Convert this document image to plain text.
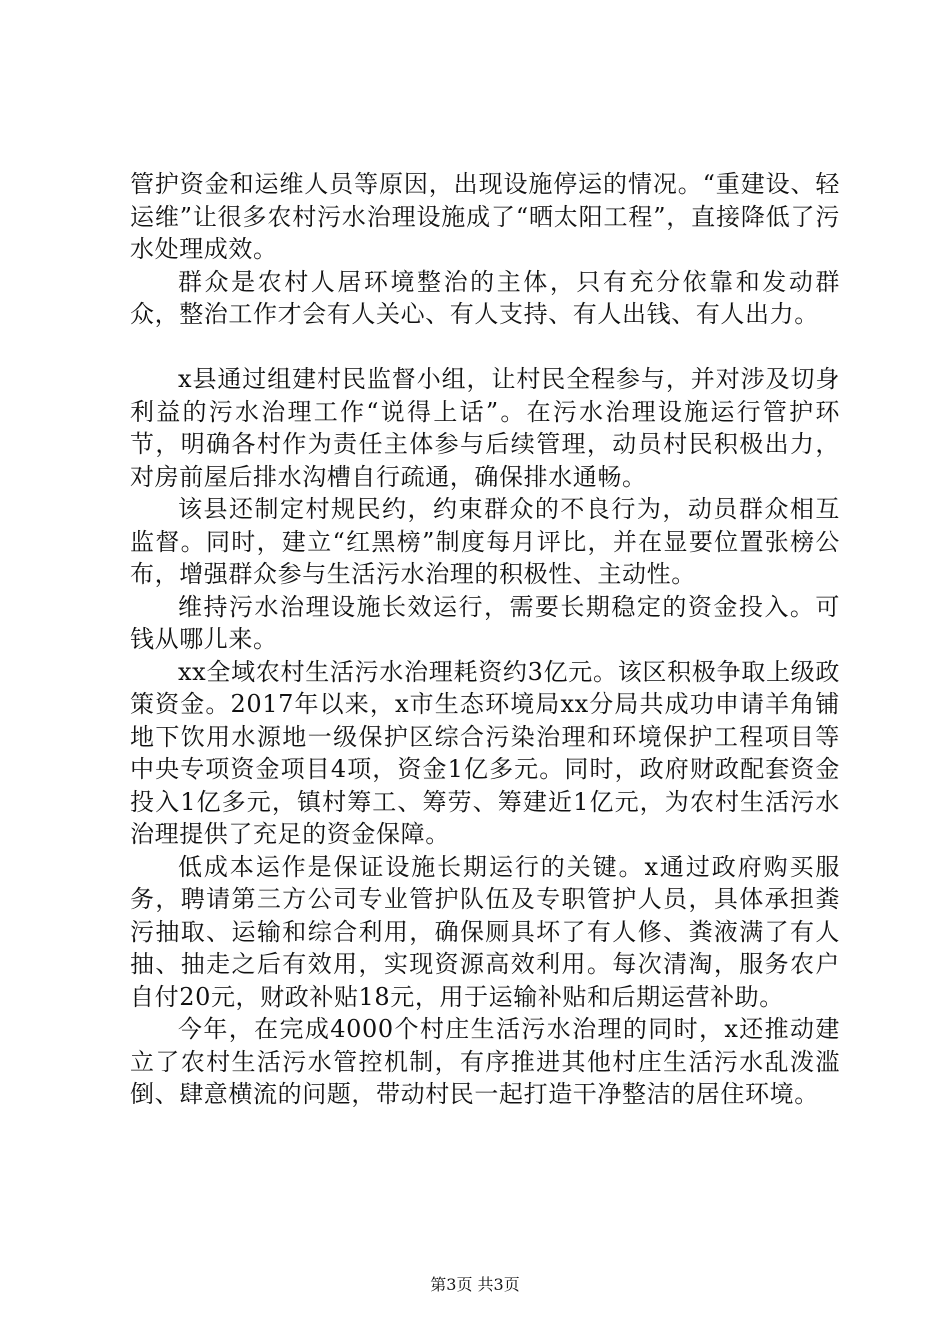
管护资金和运维人员等原因，出现设施停运的情况。“重建设、轻运维”让很多农村污水治理设施成了“晒太阳工程”，直接降低了污水处理成效。

群众是农村人居环境整治的主体，只有充分依靠和发动群众，整治工作才会有人关心、有人支持、有人出钱、有人出力。

x县通过组建村民监督小组，让村民全程参与，并对涉及切身利益的污水治理工作“说得上话”。在污水治理设施运行管护环节，明确各村作为责任主体参与后续管理，动员村民积极出力，对房前屋后排水沟槽自行疏通，确保排水通畅。

该县还制定村规民约，约束群众的不良行为，动员群众相互监督。同时，建立“红黑榜”制度每月评比，并在显要位置张榜公布，增强群众参与生活污水治理的积极性、主动性。

维持污水治理设施长效运行，需要长期稳定的资金投入。可钱从哪儿来。

xx全域农村生活污水治理耗资约3亿元。该区积极争取上级政策资金。2017年以来，x市生态环境局xx分局共成功申请羊角铺地下饮用水源地一级保护区综合污染治理和环境保护工程项目等中央专项资金项目4项，资金1亿多元。同时，政府财政配套资金投入1亿多元，镇村筹工、筹劳、筹建近1亿元，为农村生活污水治理提供了充足的资金保障。

低成本运作是保证设施长期运行的关键。x通过政府购买服务，聘请第三方公司专业管护队伍及专职管护人员，具体承担粪污抽取、运输和综合利用，确保厕具坏了有人修、粪液满了有人抽、抽走之后有效用，实现资源高效利用。每次清淘，服务农户自付20元，财政补贴18元，用于运输补贴和后期运营补助。

今年，在完成4000个村庄生活污水治理的同时，x还推动建立了农村生活污水管控机制，有序推进其他村庄生活污水乱泼滥倒、肆意横流的问题，带动村民一起打造干净整洁的居住环境。

第3页 共3页
